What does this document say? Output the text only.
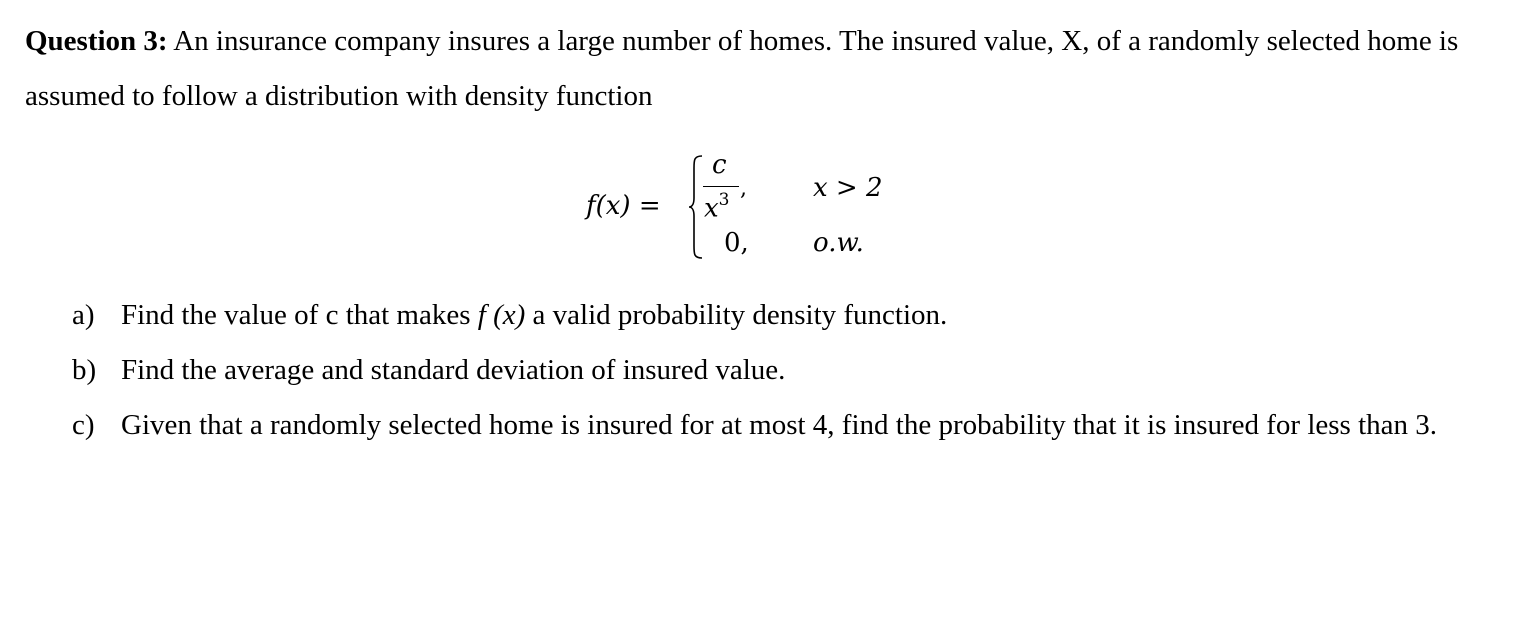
Question 3: An insurance company insures a large number of homes. The insured value, X, of a randomly selected home is assumed to follow a distribution with density function
f(x) =
c
$x^3$ ,
0,
x > 2
o.w.
a) Find the value of c that makes f (x) a valid probability density function.
b) Find the average and standard deviation of insured value.
c) Given that a randomly selected home is insured for at most 4, find the probability that it is insured for less than 3.
